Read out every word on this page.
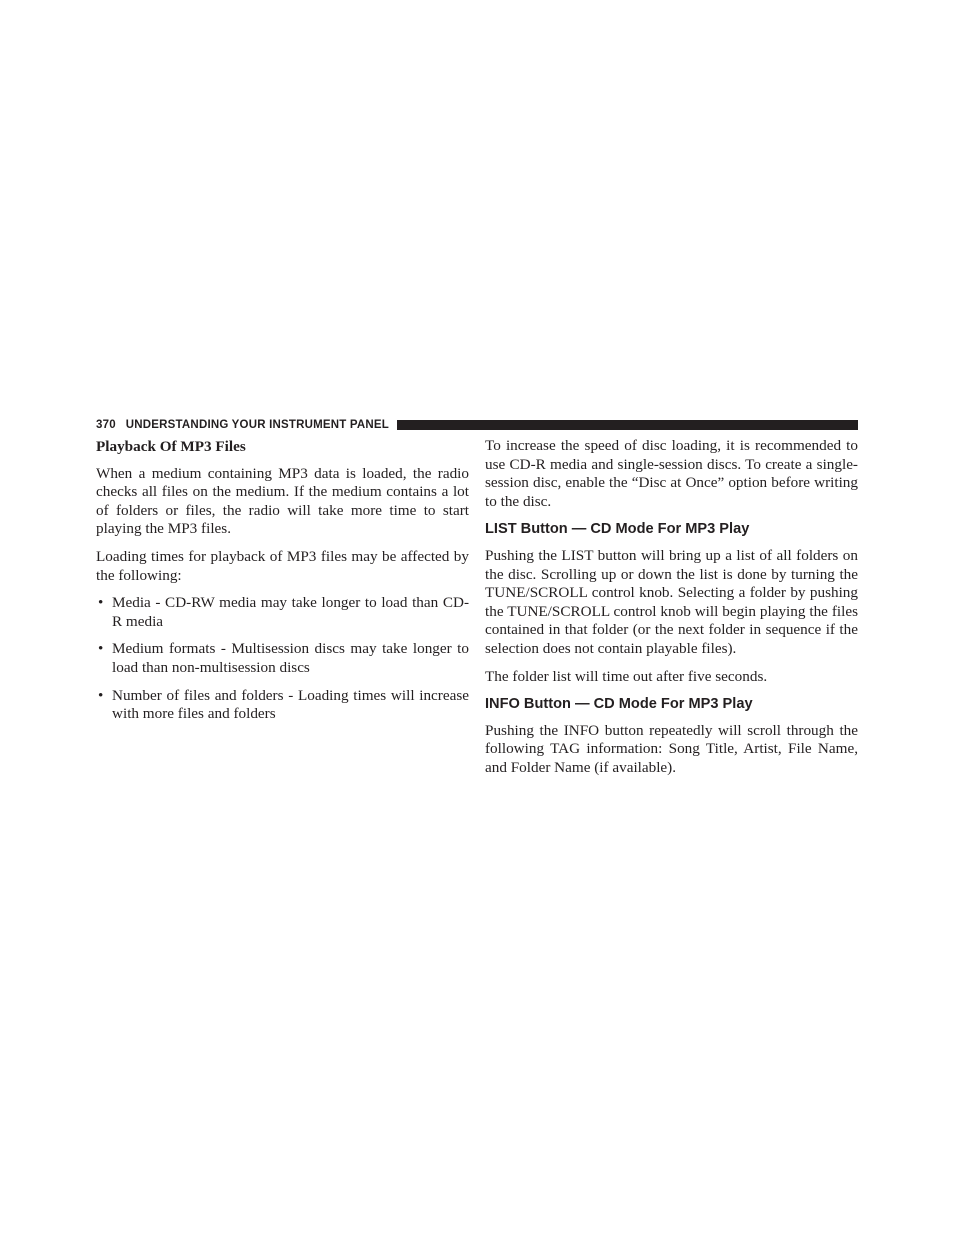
370 UNDERSTANDING YOUR INSTRUMENT PANEL
Playback Of MP3 Files

When a medium containing MP3 data is loaded, the radio checks all files on the medium. If the medium contains a lot of folders or files, the radio will take more time to start playing the MP3 files.

Loading times for playback of MP3 files may be affected by the following:

• Media - CD-RW media may take longer to load than CD-R media
• Medium formats - Multisession discs may take longer to load than non-multisession discs
• Number of files and folders - Loading times will increase with more files and folders

To increase the speed of disc loading, it is recommended to use CD-R media and single-session discs. To create a single-session disc, enable the “Disc at Once” option before writing to the disc.

LIST Button — CD Mode For MP3 Play

Pushing the LIST button will bring up a list of all folders on the disc. Scrolling up or down the list is done by turning the TUNE/SCROLL control knob. Selecting a folder by pushing the TUNE/SCROLL control knob will begin playing the files contained in that folder (or the next folder in sequence if the selection does not contain playable files).

The folder list will time out after five seconds.

INFO Button — CD Mode For MP3 Play

Pushing the INFO button repeatedly will scroll through the following TAG information: Song Title, Artist, File Name, and Folder Name (if available).
